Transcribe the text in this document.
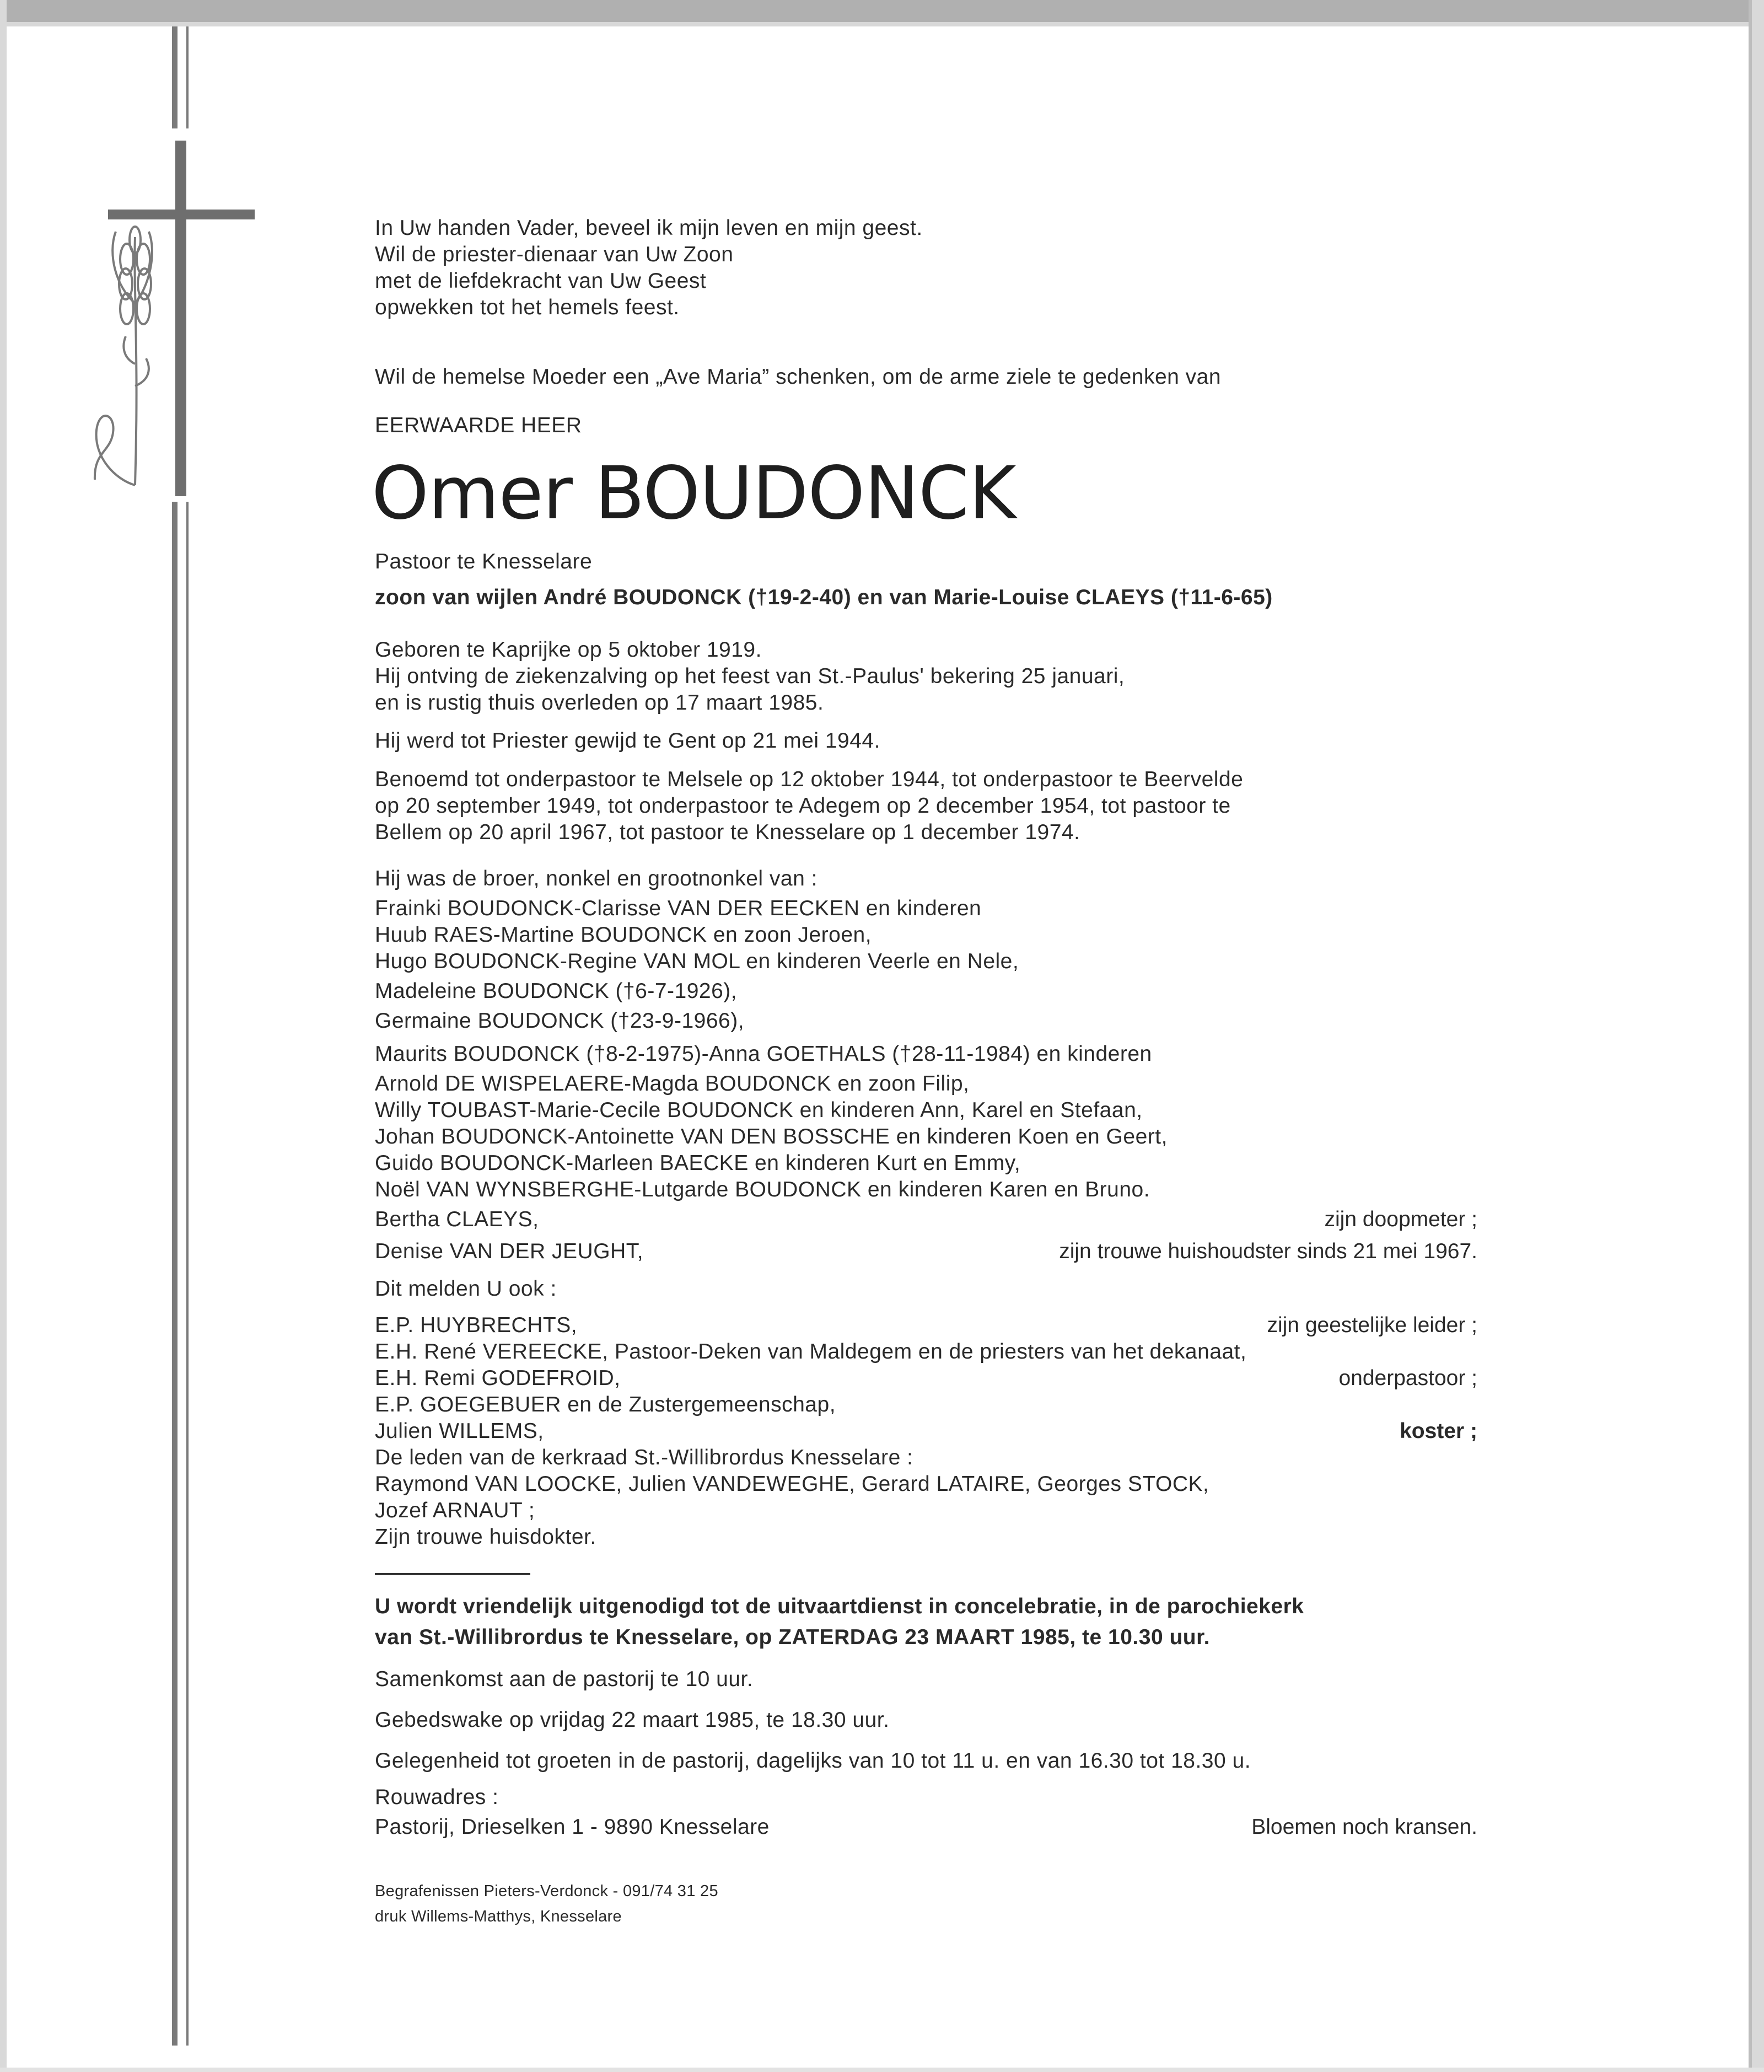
In Uw handen Vader, beveel ik mijn leven en mijn geest.
Wil de priester-dienaar van Uw Zoon
met de liefdekracht van Uw Geest
opwekken tot het hemels feest.
Wil de hemelse Moeder een „Ave Maria” schenken, om de arme ziele te gedenken van
EERWAARDE HEER
Omer BOUDONCK
Pastoor te Knesselare
zoon van wijlen André BOUDONCK (†19-2-40) en van Marie-Louise CLAEYS (†11-6-65)
Geboren te Kaprijke op 5 oktober 1919.
Hij ontving de ziekenzalving op het feest van St.-Paulus' bekering 25 januari,
en is rustig thuis overleden op 17 maart 1985.
Hij werd tot Priester gewijd te Gent op 21 mei 1944.
Benoemd tot onderpastoor te Melsele op 12 oktober 1944, tot onderpastoor te Beervelde
op 20 september 1949, tot onderpastoor te Adegem op 2 december 1954, tot pastoor te
Bellem op 20 april 1967, tot pastoor te Knesselare op 1 december 1974.
Hij was de broer, nonkel en grootnonkel van :
Frainki BOUDONCK-Clarisse VAN DER EECKEN en kinderen
Huub RAES-Martine BOUDONCK en zoon Jeroen,
Hugo BOUDONCK-Regine VAN MOL en kinderen Veerle en Nele,
Madeleine BOUDONCK (†6-7-1926),
Germaine BOUDONCK (†23-9-1966),
Maurits BOUDONCK (†8-2-1975)-Anna GOETHALS (†28-11-1984) en kinderen
Arnold DE WISPELAERE-Magda BOUDONCK en zoon Filip,
Willy TOUBAST-Marie-Cecile BOUDONCK en kinderen Ann, Karel en Stefaan,
Johan BOUDONCK-Antoinette VAN DEN BOSSCHE en kinderen Koen en Geert,
Guido BOUDONCK-Marleen BAECKE en kinderen Kurt en Emmy,
Noël VAN WYNSBERGHE-Lutgarde BOUDONCK en kinderen Karen en Bruno.
Bertha CLAEYS,	zijn doopmeter ;
Denise VAN DER JEUGHT,	zijn trouwe huishoudster sinds 21 mei 1967.
Dit melden U ook :
E.P. HUYBRECHTS,	zijn geestelijke leider ;
E.H. René VEREECKE, Pastoor-Deken van Maldegem en de priesters van het dekanaat,
E.H. Remi GODEFROID,	onderpastoor ;
E.P. GOEGEBUER en de Zustergemeenschap,
Julien WILLEMS,	koster ;
De leden van de kerkraad St.-Willibrordus Knesselare :
Raymond VAN LOOCKE, Julien VANDEWEGHE, Gerard LATAIRE, Georges STOCK,
Jozef ARNAUT ;
Zijn trouwe huisdokter.
U wordt vriendelijk uitgenodigd tot de uitvaartdienst in concelebratie, in de parochiekerk
van St.-Willibrordus te Knesselare, op ZATERDAG 23 MAART 1985, te 10.30 uur.
Samenkomst aan de pastorij te 10 uur.
Gebedswake op vrijdag 22 maart 1985, te 18.30 uur.
Gelegenheid tot groeten in de pastorij, dagelijks van 10 tot 11 u. en van 16.30 tot 18.30 u.
Rouwadres :
Pastorij, Drieselken 1 - 9890 Knesselare	Bloemen noch kransen.
Begrafenissen Pieters-Verdonck - 091/74 31 25
druk Willems-Matthys, Knesselare
